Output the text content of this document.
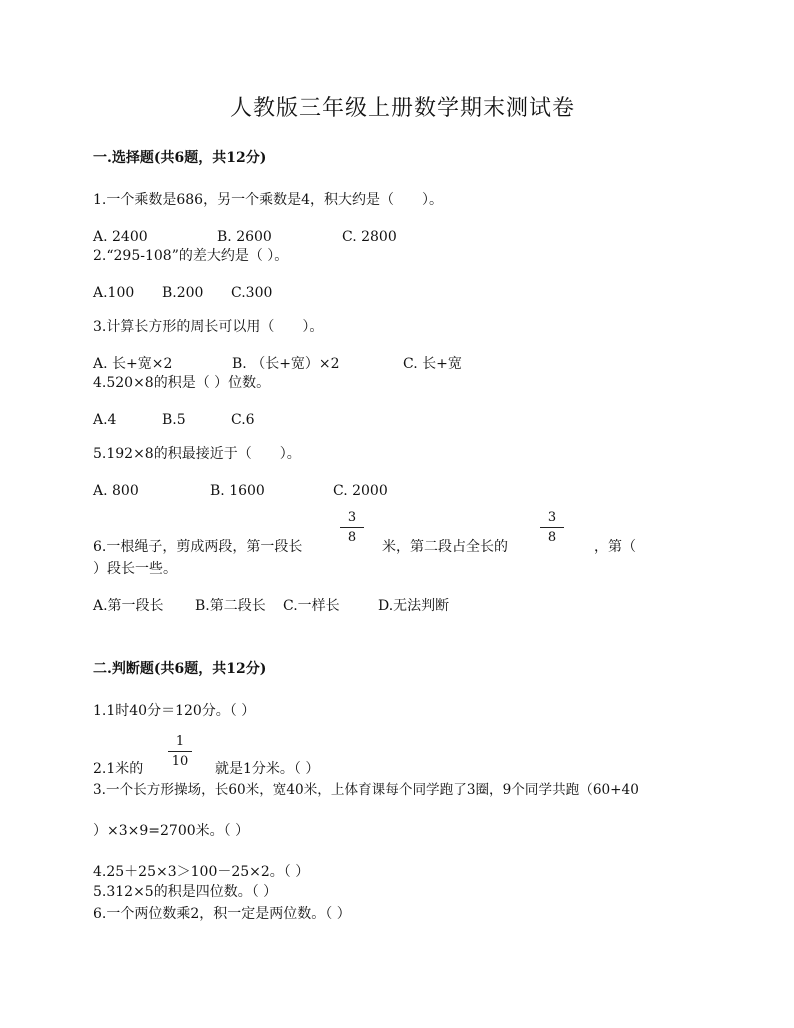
人教版三年级上册数学期末测试卷
一.选择题(共6题，共12分)
1.一个乘数是686，另一个乘数是4，积大约是（　　）。
A. 2400	B. 2600	C. 2800
2.“295-108”的差大约是（ ）。
A.100 B.200 C.300
3.计算长方形的周长可以用（　　）。
A. 长+宽×2	B. （长+宽）×2	C. 长+宽
4.520×8的积是（ ）位数。
A.4	B.5	C.6
5.192×8的积最接近于（　　）。
A. 800	B. 1600	C. 2000
6.一根绳子，剪成两段，第一段长
3
8
米，第二段占全长的
3
8
，第（
）段长一些。
A.第一段长 B.第二段长 C.一样长	D.无法判断
二.判断题(共6题，共12分)
1.1时40分＝120分。（ ）
2.1米的
1
10 就是1分米。（ ）
3.一个长方形操场，长60米，宽40米，上体育课每个同学跑了3圈，9个同学共跑（60+40
）×3×9=2700米。（ ）
4.25＋25×3＞100－25×2。（ ）
5.312×5的积是四位数。（ ）
6.一个两位数乘2，积一定是两位数。（ ）
